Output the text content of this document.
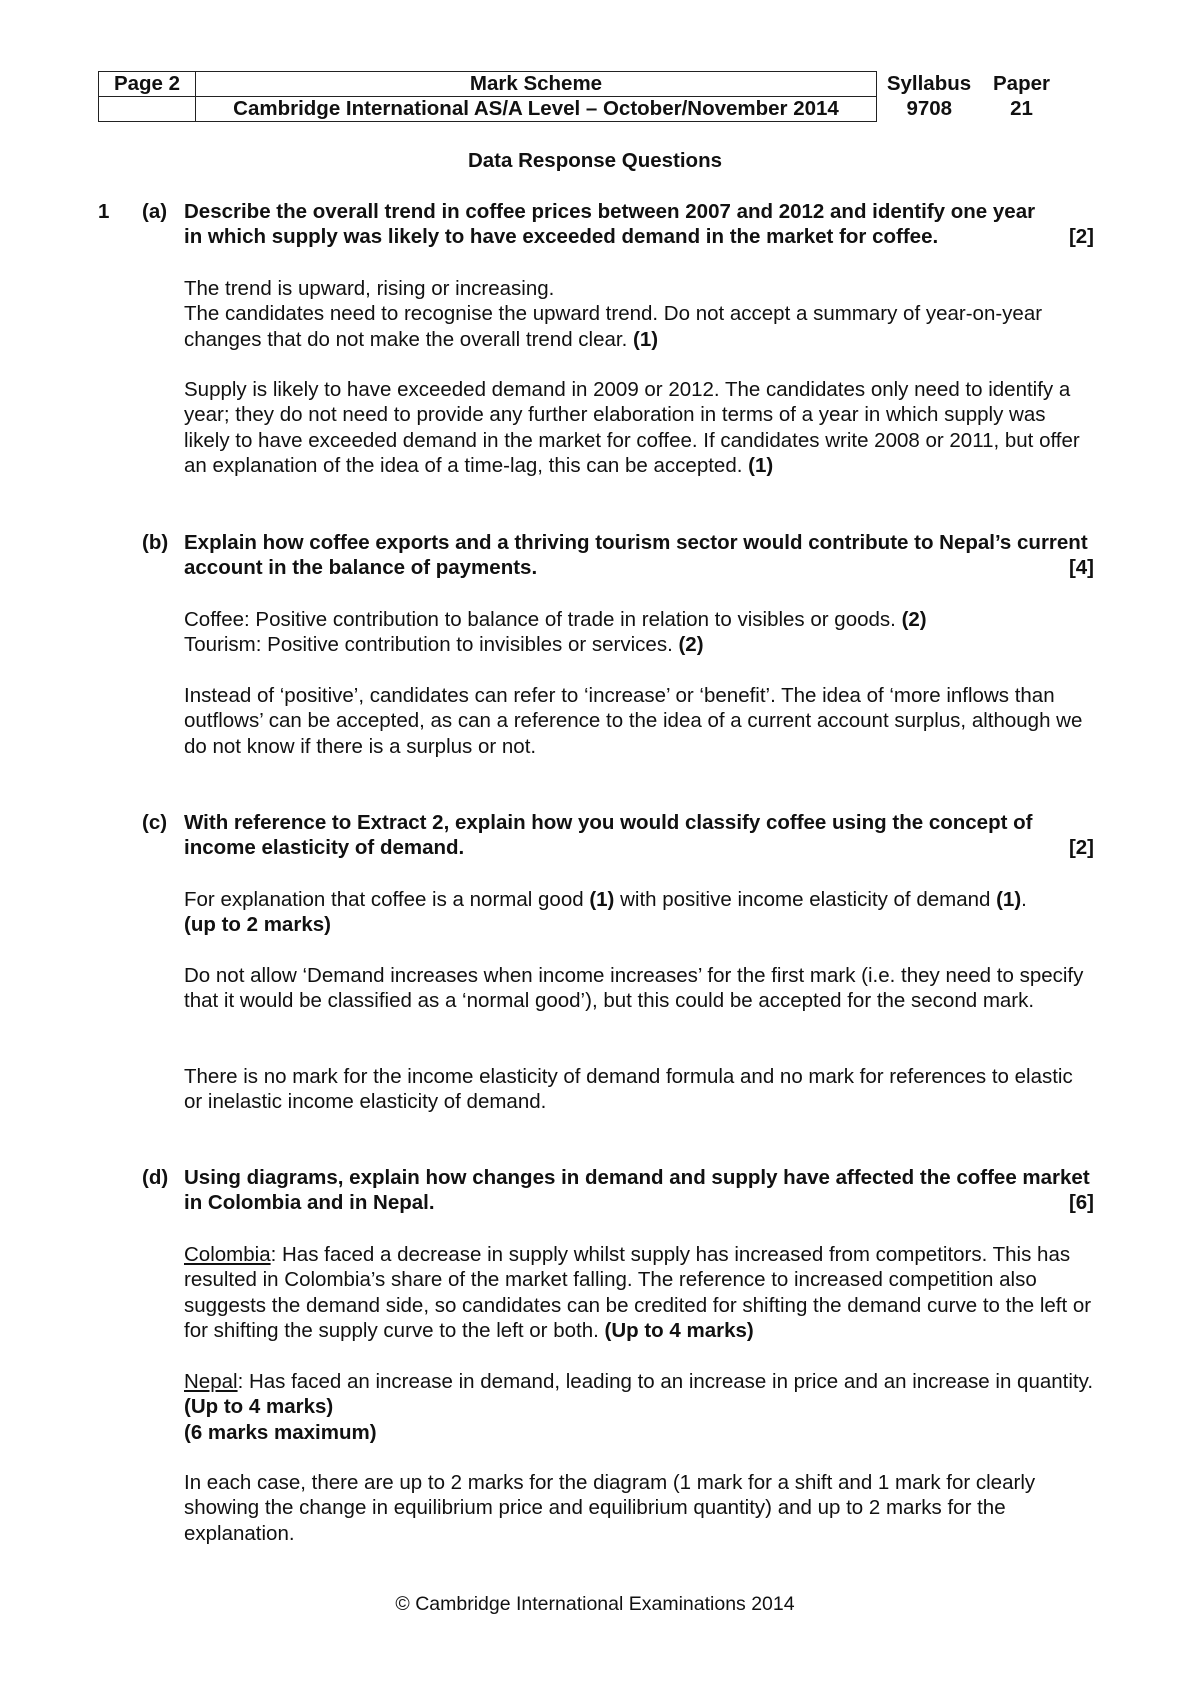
Page 2	Mark Scheme	Syllabus	Paper
	Cambridge International AS/A Level – October/November 2014	9708	21
Data Response Questions
1 (a) Describe the overall trend in coffee prices between 2007 and 2012 and identify one year in which supply was likely to have exceeded demand in the market for coffee.	[2]

The trend is upward, rising or increasing.

The candidates need to recognise the upward trend. Do not accept a summary of year-on-year changes that do not make the overall trend clear. (1)

Supply is likely to have exceeded demand in 2009 or 2012. The candidates only need to identify a year; they do not need to provide any further elaboration in terms of a year in which supply was likely to have exceeded demand in the market for coffee. If candidates write 2008 or 2011, but offer an explanation of the idea of a time-lag, this can be accepted. (1)

(b) Explain how coffee exports and a thriving tourism sector would contribute to Nepal’s current account in the balance of payments.	[4]

Coffee: Positive contribution to balance of trade in relation to visibles or goods. (2)

Tourism: Positive contribution to invisibles or services. (2)

Instead of ‘positive’, candidates can refer to ‘increase’ or ‘benefit’. The idea of ‘more inflows than outflows’ can be accepted, as can a reference to the idea of a current account surplus, although we do not know if there is a surplus or not.

(c) With reference to Extract 2, explain how you would classify coffee using the concept of income elasticity of demand.	[2]

For explanation that coffee is a normal good (1) with positive income elasticity of demand (1).

(up to 2 marks)

Do not allow ‘Demand increases when income increases’ for the first mark (i.e. they need to specify that it would be classified as a ‘normal good’), but this could be accepted for the second mark.

There is no mark for the income elasticity of demand formula and no mark for references to elastic or inelastic income elasticity of demand.

(d) Using diagrams, explain how changes in demand and supply have affected the coffee market in Colombia and in Nepal.	[6]

Colombia: Has faced a decrease in supply whilst supply has increased from competitors. This has resulted in Colombia’s share of the market falling. The reference to increased competition also suggests the demand side, so candidates can be credited for shifting the demand curve to the left or for shifting the supply curve to the left or both. (Up to 4 marks)

Nepal: Has faced an increase in demand, leading to an increase in price and an increase in quantity. (Up to 4 marks)

(6 marks maximum)

In each case, there are up to 2 marks for the diagram (1 mark for a shift and 1 mark for clearly showing the change in equilibrium price and equilibrium quantity) and up to 2 marks for the explanation.

© Cambridge International Examinations 2014
